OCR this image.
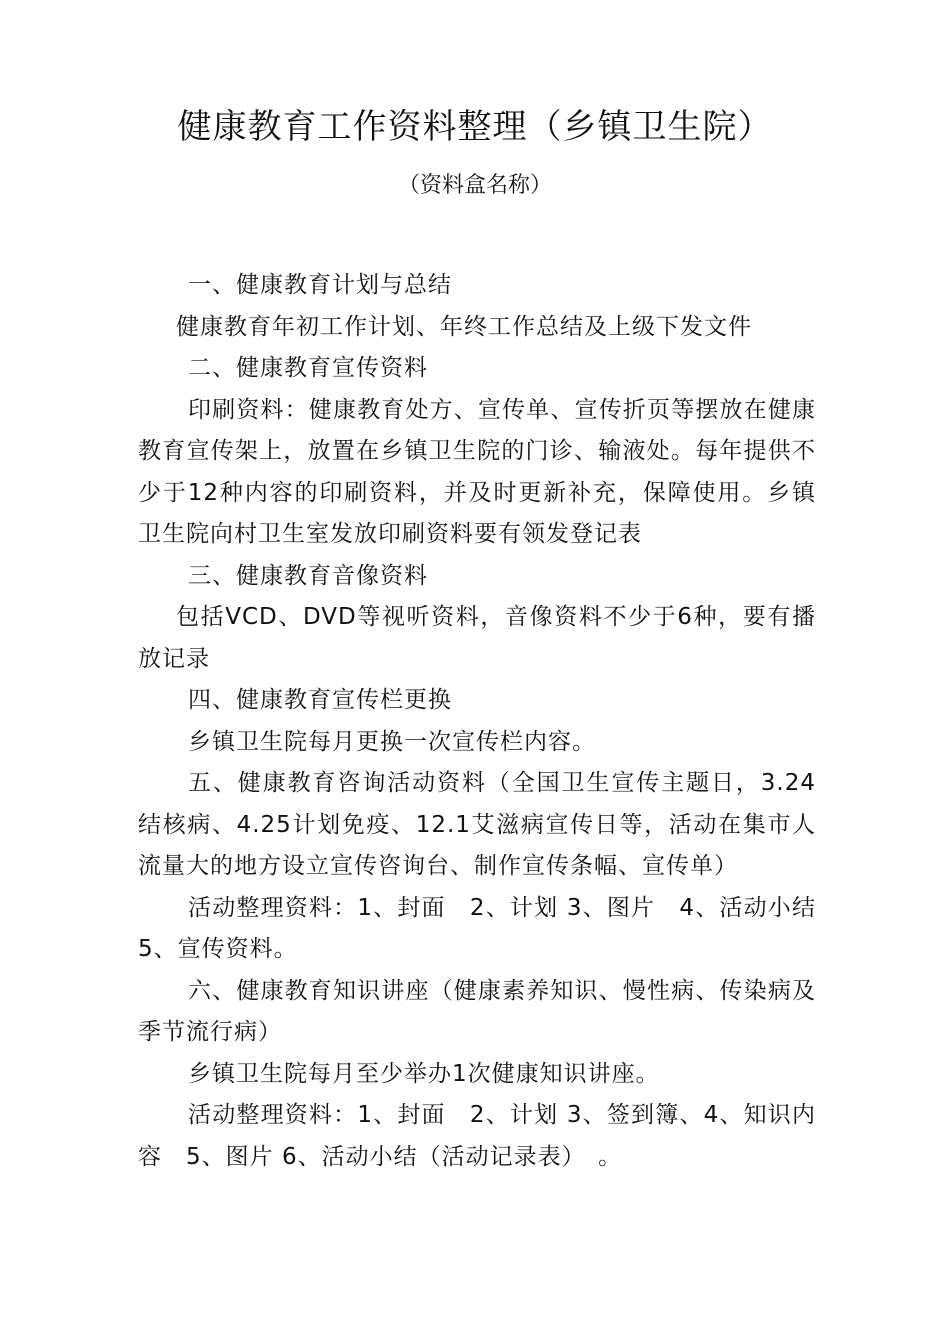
健康教育工作资料整理（乡镇卫生院）
（资料盒名称）

一、健康教育计划与总结

健康教育年初工作计划、年终工作总结及上级下发文件

二、健康教育宣传资料

印刷资料：健康教育处方、宣传单、宣传折页等摆放在健康教育宣传架上，放置在乡镇卫生院的门诊、输液处。每年提供不少于12种内容的印刷资料，并及时更新补充，保障使用。乡镇卫生院向村卫生室发放印刷资料要有领发登记表

三、健康教育音像资料

包括VCD、DVD等视听资料，音像资料不少于6种，要有播放记录

四、健康教育宣传栏更换

乡镇卫生院每月更换一次宣传栏内容。

五、健康教育咨询活动资料（全国卫生宣传主题日，3.24结核病、4.25计划免疫、12.1艾滋病宣传日等，活动在集市人流量大的地方设立宣传咨询台、制作宣传条幅、宣传单）

活动整理资料：1、封面　2、计划 3、图片　4、活动小结　5、宣传资料。

六、健康教育知识讲座（健康素养知识、慢性病、传染病及季节流行病）

乡镇卫生院每月至少举办1次健康知识讲座。

活动整理资料：1、封面　2、计划 3、签到簿、4、知识内容　5、图片 6、活动小结（活动记录表）　。
